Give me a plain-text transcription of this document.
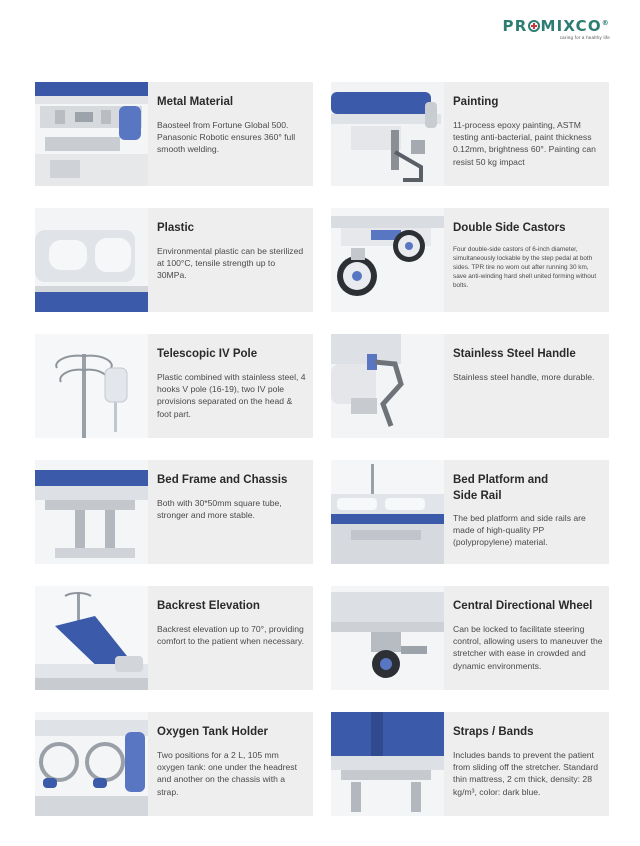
PR MIXCO ®
caring for a healthy life
Metal Material

Baosteel from Fortune Global 500. Panasonic Robotic ensures 360° full smooth welding.

Painting

11-process epoxy painting, ASTM testing anti-bacterial, paint thickness 0.12mm, brightness 60°. Painting can resist 50 kg impact

Plastic

Environmental plastic can be sterilized at 100°C, tensile strength up to 30MPa.

Double Side Castors

Four double-side castors of 6-inch diameter, simultaneously lockable by the step pedal at both sides. TPR tire no worn out after running 30 km, save anti-winding hard shell united forming without bolts.

Telescopic IV Pole

Plastic combined with stainless steel, 4 hooks V pole (16-19), two IV pole provisions separated on the head & foot part.

Stainless Steel Handle

Stainless steel handle, more durable.

Bed Frame and Chassis

Both with 30*50mm square tube, stronger and more stable.

Bed Platform and
Side Rail

The bed platform and side rails are made of high-quality PP (polypropylene) material.

Backrest Elevation

Backrest elevation up to 70°, providing comfort to the patient when necessary.

Central Directional Wheel

Can be locked to facilitate steering control, allowing users to maneuver the stretcher with ease in crowded and dynamic environments.

Oxygen Tank Holder

Two positions for a 2 L, 105 mm oxygen tank: one under the headrest and another on the chassis with a strap.

Straps / Bands

Includes bands to prevent the patient from sliding off the stretcher. Standard thin mattress, 2 cm thick, density: 28 kg/m³, color: dark blue.
